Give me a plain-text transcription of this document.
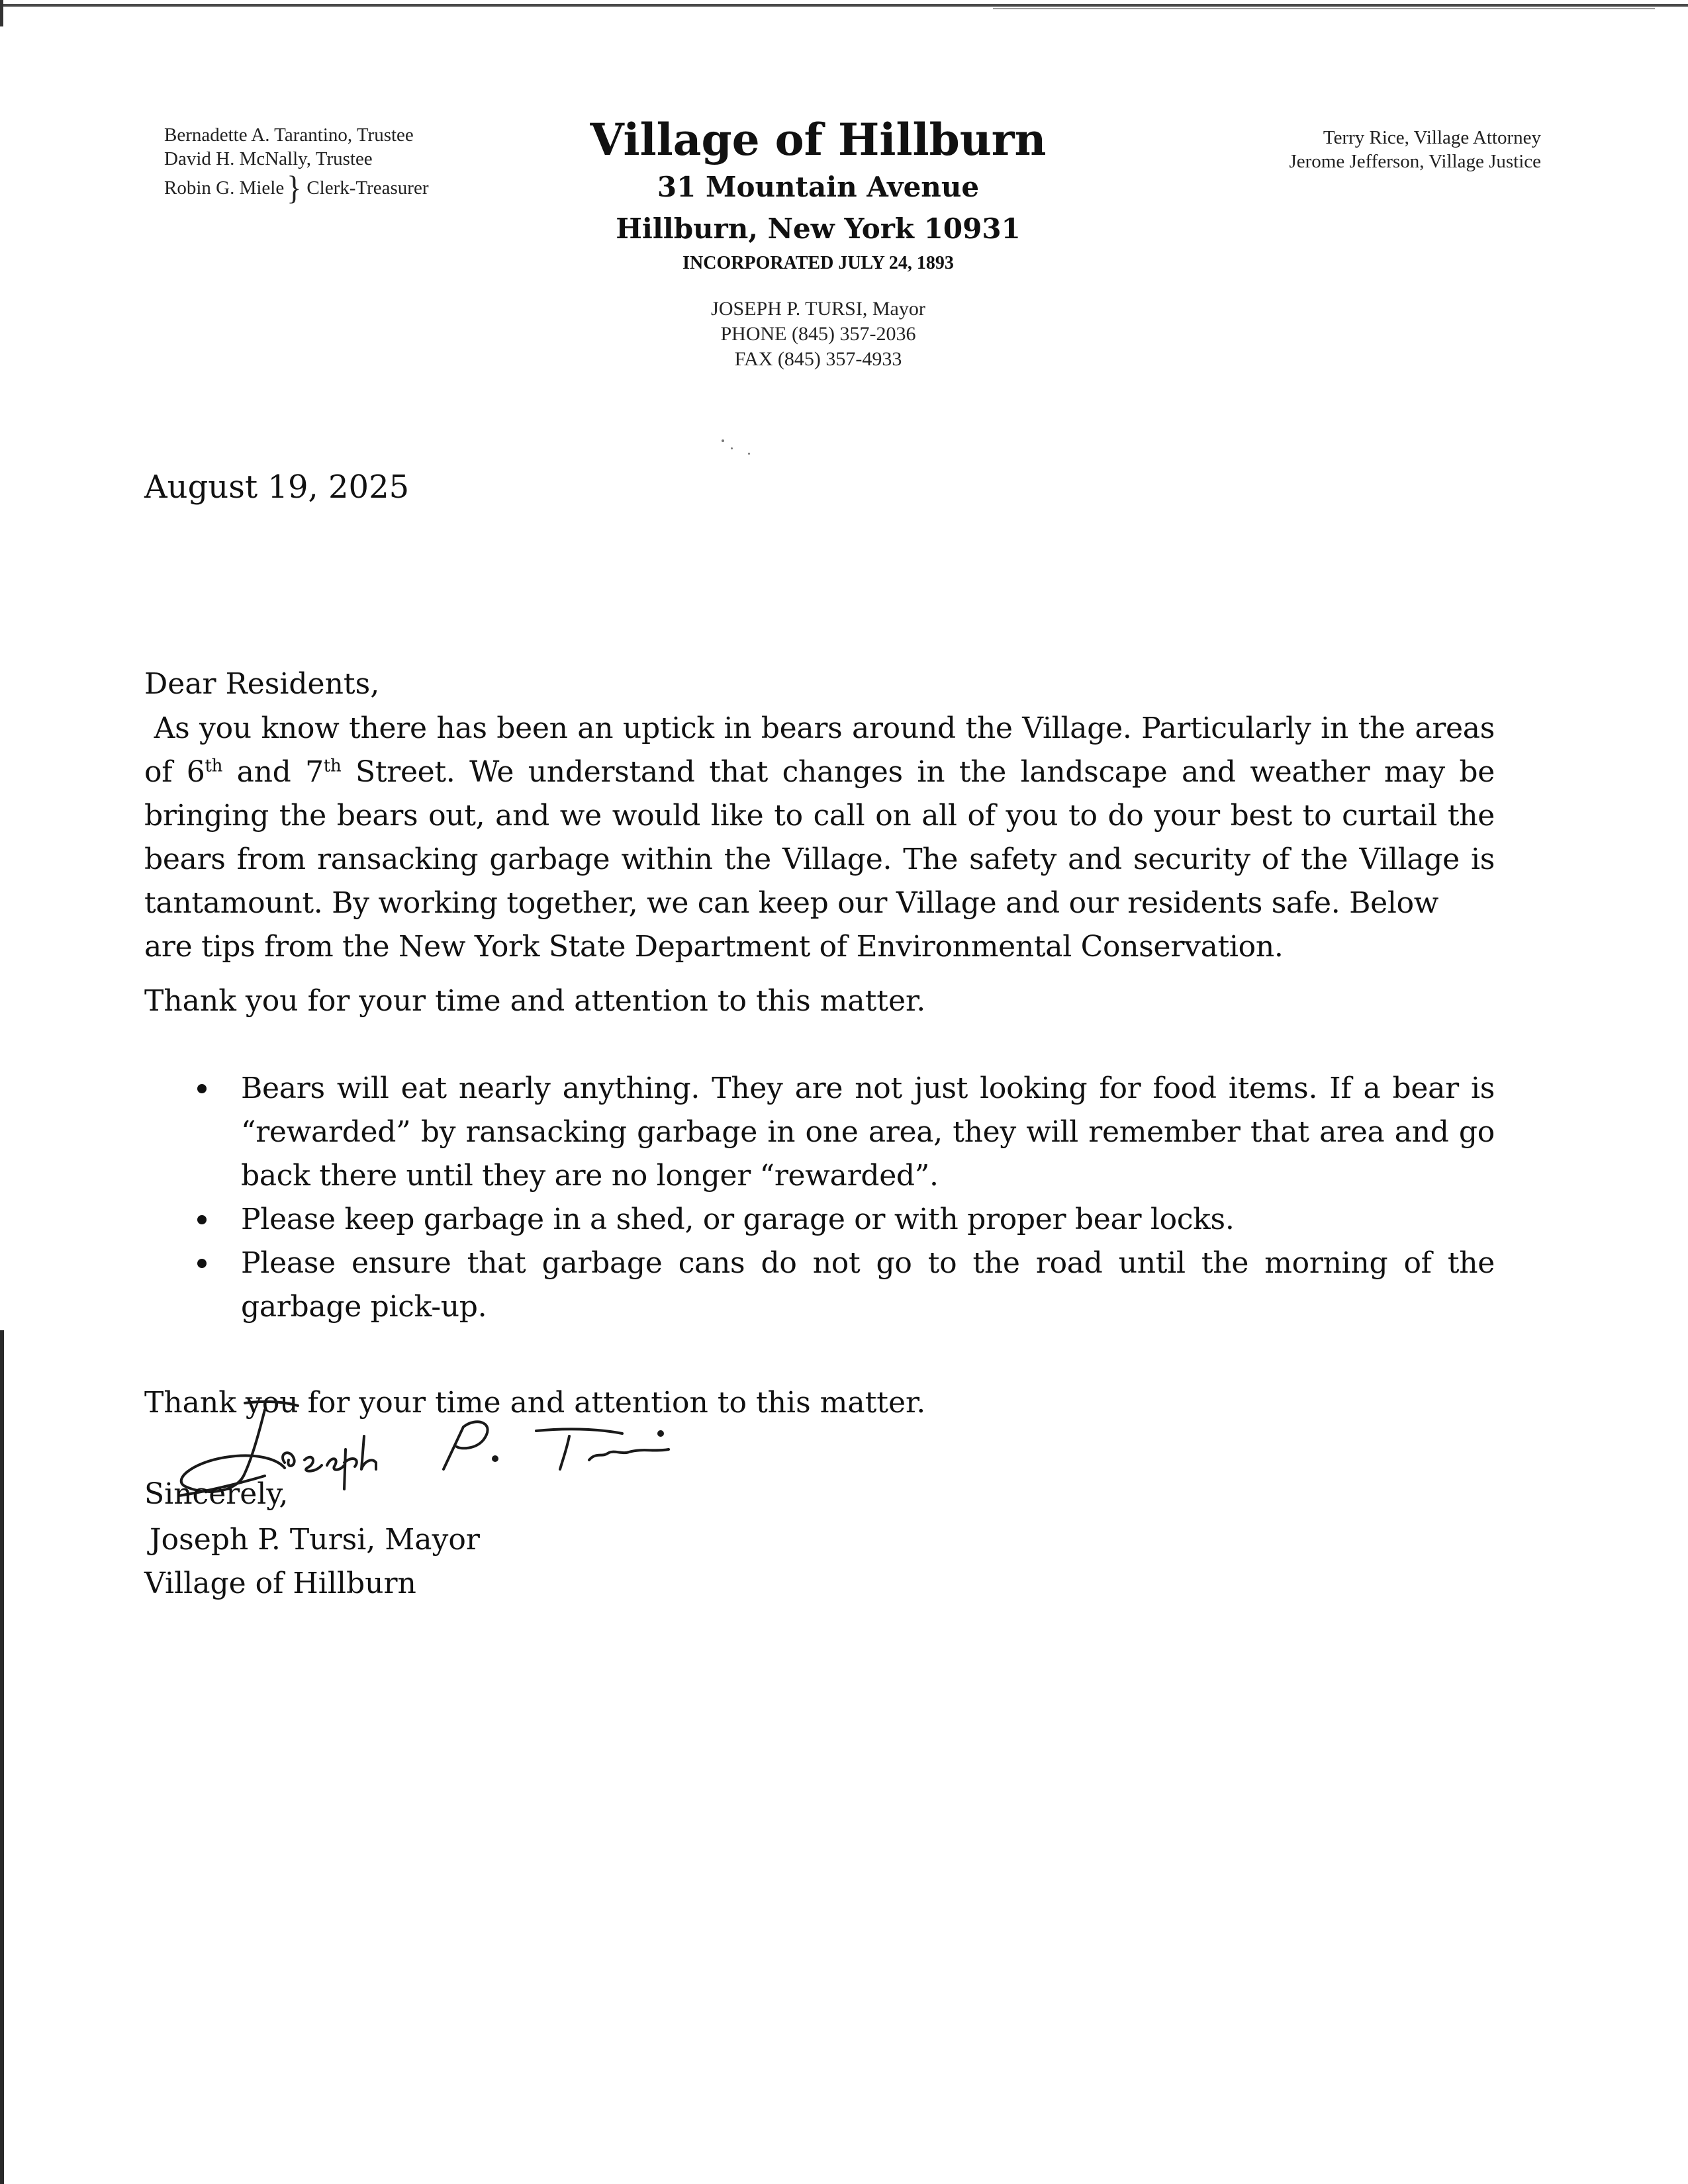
Bernadette A. Tarantino, Trustee
David H. McNally, Trustee
Robin G. Miele } Clerk-Treasurer
Village of Hillburn
31 Mountain Avenue
Hillburn, New York 10931
INCORPORATED JULY 24, 1893
JOSEPH P. TURSI, Mayor
PHONE (845) 357-2036
FAX (845) 357-4933
Terry Rice, Village Attorney
Jerome Jefferson, Village Justice
August 19, 2025
Dear Residents,
As you know there has been an uptick in bears around the Village. Particularly in the areas
of 6th and 7th Street. We understand that changes in the landscape and weather may be
bringing the bears out, and we would like to call on all of you to do your best to curtail the
bears from ransacking garbage within the Village. The safety and security of the Village is
tantamount. By working together, we can keep our Village and our residents safe. Below
are tips from the New York State Department of Environmental Conservation.
Thank you for your time and attention to this matter.
Bears will eat nearly anything. They are not just looking for food items. If a bear is “rewarded” by ransacking garbage in one area, they will remember that area and go back there until they are no longer “rewarded”.
Please keep garbage in a shed, or garage or with proper bear locks.
Please ensure that garbage cans do not go to the road until the morning of the garbage pick-up.
Thank you for your time and attention to this matter.
Sincerely,
Joseph P. Tursi, Mayor
Village of Hillburn
